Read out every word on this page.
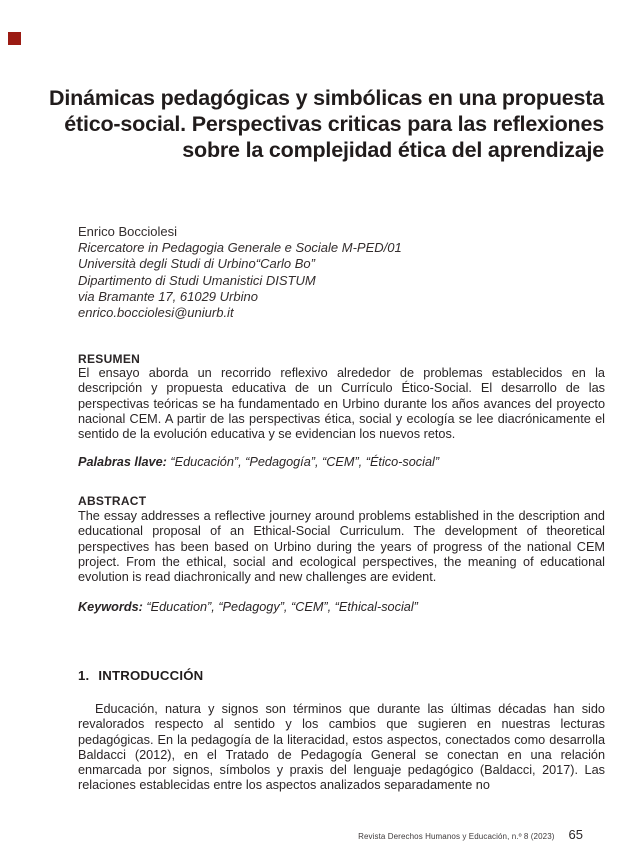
Dinámicas pedagógicas y simbólicas en una propuesta
ético-social. Perspectivas criticas para las reflexiones
sobre la complejidad ética del aprendizaje
Enrico Bocciolesi
Ricercatore in Pedagogia Generale e Sociale M-PED/01
Università degli Studi di Urbino“Carlo Bo”
Dipartimento di Studi Umanistici DISTUM
via Bramante 17, 61029 Urbino
enrico.bocciolesi@uniurb.it
RESUMEN
El ensayo aborda un recorrido reflexivo alrededor de problemas establecidos en la descripción y propuesta educativa de un Currículo Ético-Social. El desarrollo de las perspectivas teóricas se ha fundamentado en Urbino durante los años avances del proyecto nacional CEM. A partir de las perspectivas ética, social y ecología se lee diacrónicamente el sentido de la evolución educativa y se evidencian los nuevos retos.
Palabras llave: “Educación”, “Pedagogía”, “CEM”, “Ético-social”
ABSTRACT
The essay addresses a reflective journey around problems established in the description and educational proposal of an Ethical-Social Curriculum. The development of theoretical perspectives has been based on Urbino during the years of progress of the national CEM project. From the ethical, social and ecological perspectives, the meaning of educational evolution is read diachronically and new challenges are evident.
Keywords: “Education”, “Pedagogy”, “CEM”, “Ethical-social”
1. INTRODUCCIÓN
Educación, natura y signos son términos que durante las últimas décadas han sido revalorados respecto al sentido y los cambios que sugieren en nuestras lecturas pedagógicas. En la pedagogía de la literacidad, estos aspectos, conectados como desarrolla Baldacci (2012), en el Tratado de Pedagogía General se conectan en una relación enmarcada por signos, símbolos y praxis del lenguaje pedagógico (Baldacci, 2017). Las relaciones establecidas entre los aspectos analizados separadamente no
Revista Derechos Humanos y Educación, n.º 8 (2023) 65
